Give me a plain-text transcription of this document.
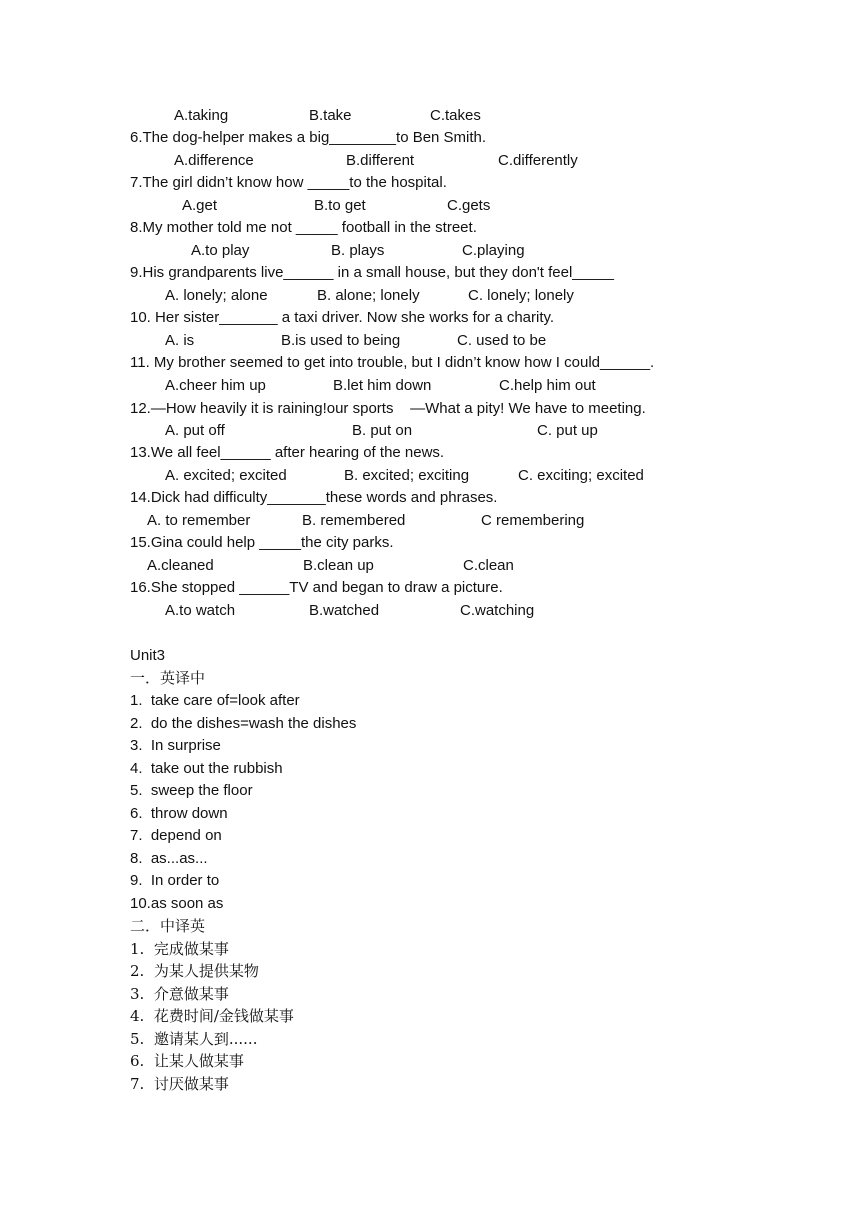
A.taking	B.take	C.takes
6.The dog-helper makes a big________to Ben Smith.
A.difference	B.different	C.differently
7.The girl didn’t know how _____to the hospital.
A.get	B.to get	C.gets
8.My mother told me not _____ football in the street.
A.to play	B. plays	C.playing
9.His grandparents live______ in a small house, but they don't feel_____
A. lonely; alone	B. alone; lonely	C. lonely; lonely
10. Her sister_______ a taxi driver. Now she works for a charity.
A. is	B.is used to being	C. used to be
11. My brother seemed to get into trouble, but I didn’t know how I could______.
A.cheer him up	B.let him down	C.help him out
12.—How heavily it is raining!our sports    —What a pity! We have to meeting.
A. put off	B. put on	C. put up
13.We all feel______ after hearing of the news.
A. excited; excited	B. excited; exciting	C. exciting; excited
14.Dick had difficulty_______these words and phrases.
A. to remember	B. remembered	C remembering
15.Gina could help _____the city parks.
A.cleaned	B.clean up	C.clean
16.She stopped ______TV and began to draw a picture.
A.to watch	B.watched	C.watching
Unit3
一．英译中
1.  take care of=look after
2.  do the dishes=wash the dishes
3.  In surprise
4.  take out the rubbish
5.  sweep the floor
6.  throw down
7.  depend on
8.  as...as...
9.  In order to
10.as soon as
二．中译英
1.  完成做某事
2.  为某人提供某物
3.  介意做某事
4.  花费时间/金钱做某事
5.  邀请某人到......
6.  让某人做某事
7.  讨厌做某事
